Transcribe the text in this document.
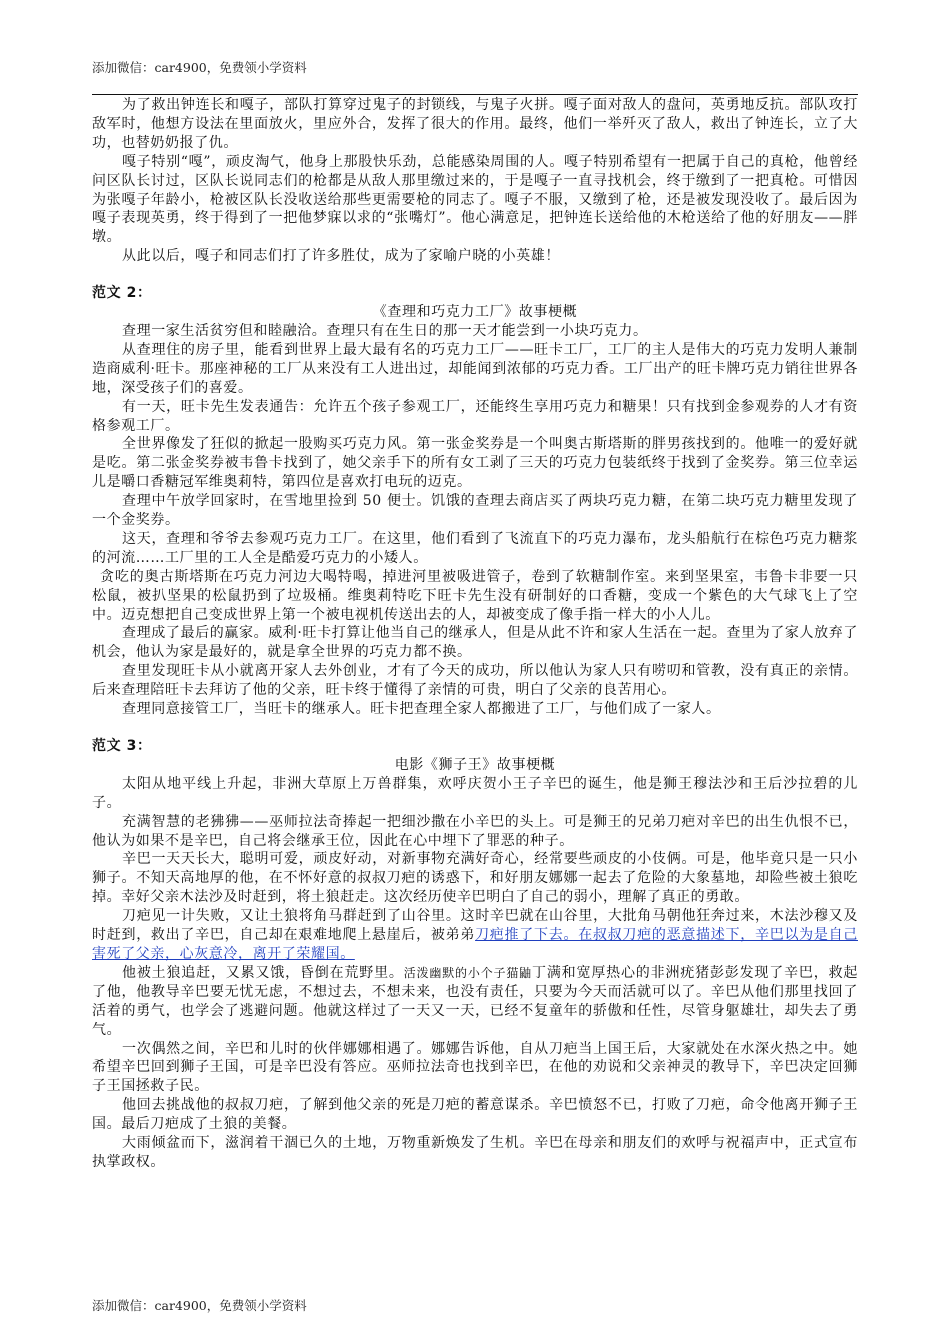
添加微信：car4900，免费领小学资料

为了救出钟连长和嘎子，部队打算穿过鬼子的封锁线，与鬼子火拼。嘎子面对敌人的盘问，英勇地反抗。部队攻打敌军时，他想方设法在里面放火，里应外合，发挥了很大的作用。最终，他们一举歼灭了敌人，救出了钟连长，立了大功，也替奶奶报了仇。

嘎子特别“嘎”，顽皮淘气，他身上那股快乐劲，总能感染周围的人。嘎子特别希望有一把属于自己的真枪，他曾经问区队长讨过，区队长说同志们的枪都是从敌人那里缴过来的，于是嘎子一直寻找机会，终于缴到了一把真枪。可惜因为张嘎子年龄小，枪被区队长没收送给那些更需要枪的同志了。嘎子不服，又缴到了枪，还是被发现没收了。最后因为嘎子表现英勇，终于得到了一把他梦寐以求的“张嘴灯”。他心满意足，把钟连长送给他的木枪送给了他的好朋友——胖墩。

从此以后，嘎子和同志们打了许多胜仗，成为了家喻户晓的小英雄！

范文 2：

《查理和巧克力工厂》故事梗概

查理一家生活贫穷但和睦融洽。查理只有在生日的那一天才能尝到一小块巧克力。

从查理住的房子里，能看到世界上最大最有名的巧克力工厂——旺卡工厂，工厂的主人是伟大的巧克力发明人兼制造商威利·旺卡。那座神秘的工厂从来没有工人进出过，却能闻到浓郁的巧克力香。工厂出产的旺卡牌巧克力销往世界各地，深受孩子们的喜爱。

有一天，旺卡先生发表通告：允许五个孩子参观工厂，还能终生享用巧克力和糖果！只有找到金参观券的人才有资格参观工厂。

全世界像发了狂似的掀起一股购买巧克力风。第一张金奖券是一个叫奥古斯塔斯的胖男孩找到的。他唯一的爱好就是吃。第二张金奖券被韦鲁卡找到了，她父亲手下的所有女工剥了三天的巧克力包装纸终于找到了金奖券。第三位幸运儿是嚼口香糖冠军维奥莉特，第四位是喜欢打电玩的迈克。

查理中午放学回家时，在雪地里捡到 50 便士。饥饿的查理去商店买了两块巧克力糖，在第二块巧克力糖里发现了一个金奖券。

这天，查理和爷爷去参观巧克力工厂。在这里，他们看到了飞流直下的巧克力瀑布，龙头船航行在棕色巧克力糖浆的河流……工厂里的工人全是酷爱巧克力的小矮人。

贪吃的奥古斯塔斯在巧克力河边大喝特喝，掉进河里被吸进管子，卷到了软糖制作室。来到坚果室，韦鲁卡非要一只松鼠，被扒坚果的松鼠扔到了垃圾桶。维奥莉特吃下旺卡先生没有研制好的口香糖，变成一个紫色的大气球飞上了空中。迈克想把自己变成世界上第一个被电视机传送出去的人，却被变成了像手指一样大的小人儿。

查理成了最后的赢家。威利·旺卡打算让他当自己的继承人，但是从此不许和家人生活在一起。查里为了家人放弃了机会，他认为家是最好的，就是拿全世界的巧克力都不换。

查里发现旺卡从小就离开家人去外创业，才有了今天的成功，所以他认为家人只有唠叨和管教，没有真正的亲情。后来查理陪旺卡去拜访了他的父亲，旺卡终于懂得了亲情的可贵，明白了父亲的良苦用心。

查理同意接管工厂，当旺卡的继承人。旺卡把查理全家人都搬进了工厂，与他们成了一家人。

范文 3：

电影《狮子王》故事梗概

太阳从地平线上升起，非洲大草原上万兽群集，欢呼庆贺小王子辛巴的诞生，他是狮王穆法沙和王后沙拉碧的儿子。

充满智慧的老狒狒——巫师拉法奇捧起一把细沙撒在小辛巴的头上。可是狮王的兄弟刀疤对辛巴的出生仇恨不已，他认为如果不是辛巴，自己将会继承王位，因此在心中埋下了罪恶的种子。

辛巴一天天长大，聪明可爱，顽皮好动，对新事物充满好奇心，经常要些顽皮的小伎俩。可是，他毕竟只是一只小狮子。不知天高地厚的他，在不怀好意的叔叔刀疤的诱惑下，和好朋友娜娜一起去了危险的大象墓地，却险些被土狼吃掉。幸好父亲木法沙及时赶到，将土狼赶走。这次经历使辛巴明白了自己的弱小，理解了真正的勇敢。

刀疤见一计失败，又让土狼将角马群赶到了山谷里。这时辛巴就在山谷里，大批角马朝他狂奔过来，木法沙穆又及时赶到，救出了辛巴，自己却在艰难地爬上悬崖后，被弟弟刀疤推了下去。在叔叔刀疤的恶意描述下，辛巴以为是自己害死了父亲，心灰意冷，离开了荣耀国。

他被土狼追赶，又累又饿，昏倒在荒野里。活泼幽默的小个子猫鼬丁满和宽厚热心的非洲疣猪彭彭发现了辛巴，救起了他，他教导辛巴要无忧无虑，不想过去，不想未来，也没有责任，只要为今天而活就可以了。辛巴从他们那里找回了活着的勇气，也学会了逃避问题。他就这样过了一天又一天，已经不复童年的骄傲和任性，尽管身躯雄壮，却失去了勇气。

一次偶然之间，辛巴和儿时的伙伴娜娜相遇了。娜娜告诉他，自从刀疤当上国王后，大家就处在水深火热之中。她希望辛巴回到狮子王国，可是辛巴没有答应。巫师拉法奇也找到辛巴，在他的劝说和父亲神灵的教导下，辛巴决定回狮子王国拯救子民。

他回去挑战他的叔叔刀疤，了解到他父亲的死是刀疤的蓄意谋杀。辛巴愤怒不已，打败了刀疤，命令他离开狮子王国。最后刀疤成了土狼的美餐。

大雨倾盆而下，滋润着干涸已久的土地，万物重新焕发了生机。辛巴在母亲和朋友们的欢呼与祝福声中，正式宣布执掌政权。

添加微信：car4900，免费领小学资料
